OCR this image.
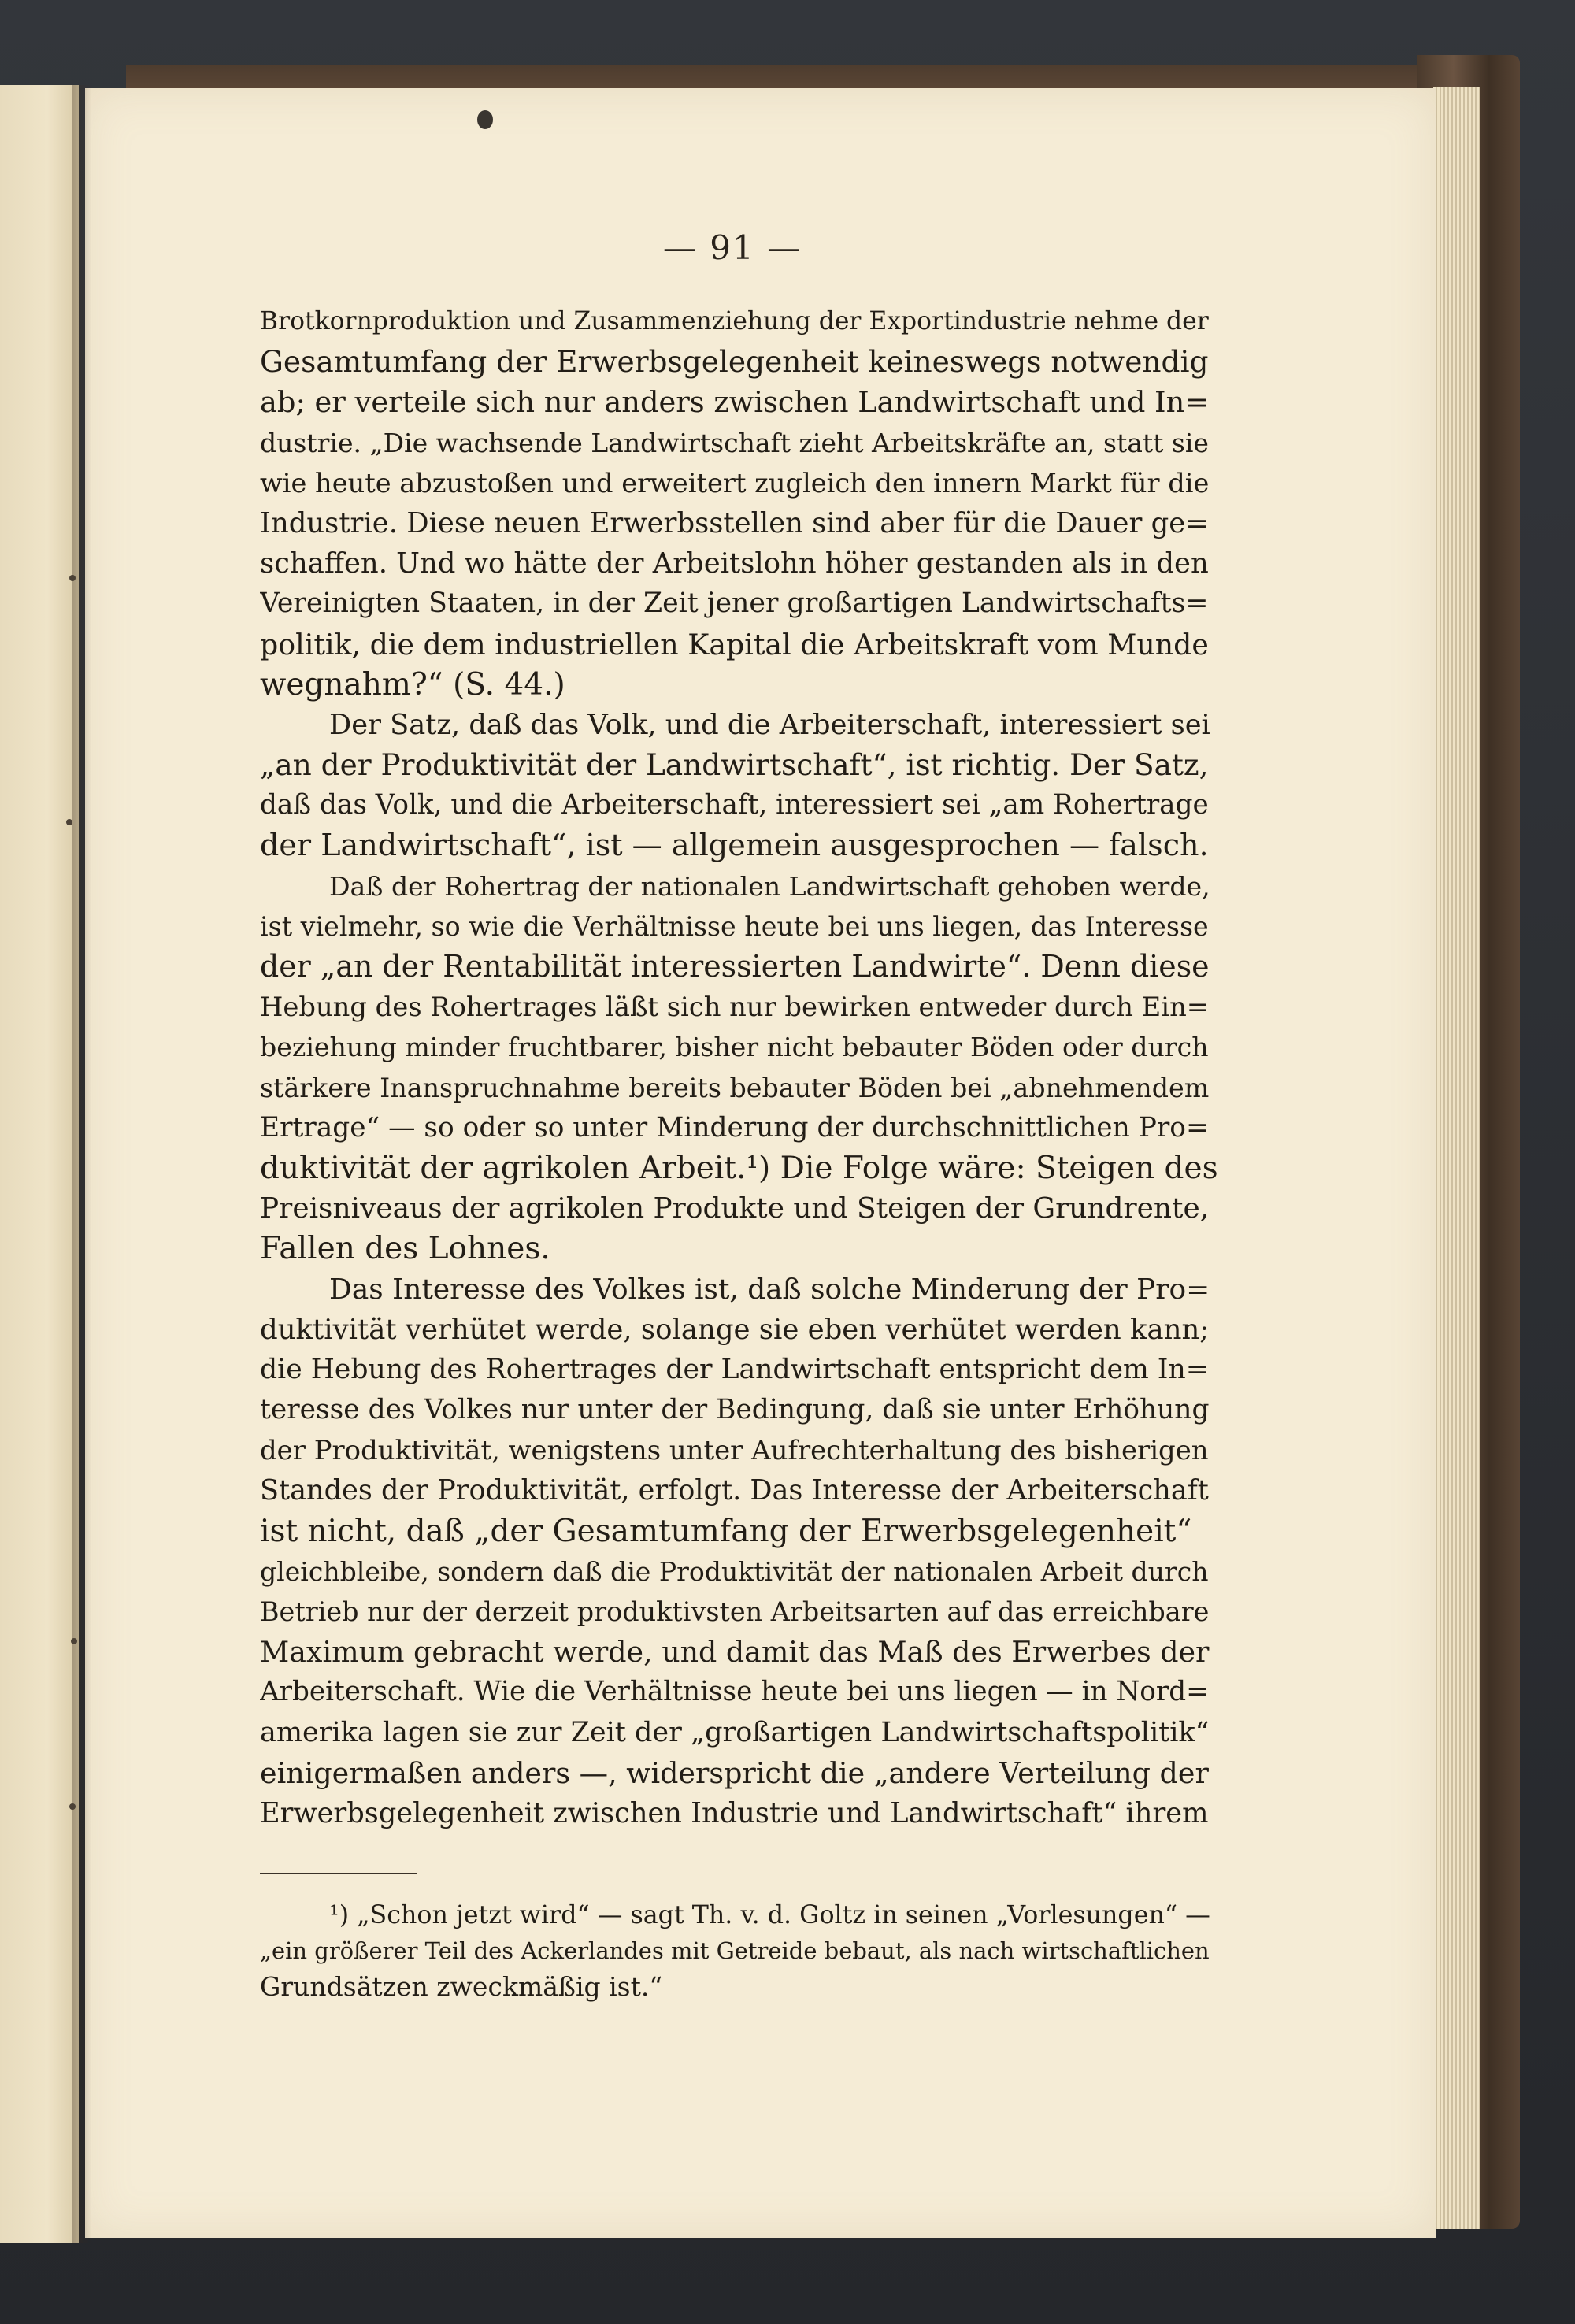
— 91 —
Brotkornproduktion und Zusammenziehung der Exportindustrie nehme der
Gesamtumfang der Erwerbsgelegenheit keineswegs notwendig
ab; er verteile sich nur anders zwischen Landwirtschaft und In=
dustrie. „Die wachsende Landwirtschaft zieht Arbeitskräfte an, statt sie
wie heute abzustoßen und erweitert zugleich den innern Markt für die
Industrie. Diese neuen Erwerbsstellen sind aber für die Dauer ge=
schaffen. Und wo hätte der Arbeitslohn höher gestanden als in den
Vereinigten Staaten, in der Zeit jener großartigen Landwirtschafts=
politik, die dem industriellen Kapital die Arbeitskraft vom Munde
wegnahm?“ (S. 44.)
Der Satz, daß das Volk, und die Arbeiterschaft, interessiert sei
„an der Produktivität der Landwirtschaft“, ist richtig. Der Satz,
daß das Volk, und die Arbeiterschaft, interessiert sei „am Rohertrage
der Landwirtschaft“, ist — allgemein ausgesprochen — falsch.
Daß der Rohertrag der nationalen Landwirtschaft gehoben werde,
ist vielmehr, so wie die Verhältnisse heute bei uns liegen, das Interesse
der „an der Rentabilität interessierten Landwirte“. Denn diese
Hebung des Rohertrages läßt sich nur bewirken entweder durch Ein=
beziehung minder fruchtbarer, bisher nicht bebauter Böden oder durch
stärkere Inanspruchnahme bereits bebauter Böden bei „abnehmendem
Ertrage“ — so oder so unter Minderung der durchschnittlichen Pro=
duktivität der agrikolen Arbeit.¹) Die Folge wäre: Steigen des
Preisniveaus der agrikolen Produkte und Steigen der Grundrente,
Fallen des Lohnes.
Das Interesse des Volkes ist, daß solche Minderung der Pro=
duktivität verhütet werde, solange sie eben verhütet werden kann;
die Hebung des Rohertrages der Landwirtschaft entspricht dem In=
teresse des Volkes nur unter der Bedingung, daß sie unter Erhöhung
der Produktivität, wenigstens unter Aufrechterhaltung des bisherigen
Standes der Produktivität, erfolgt. Das Interesse der Arbeiterschaft
ist nicht, daß „der Gesamtumfang der Erwerbsgelegenheit“
gleichbleibe, sondern daß die Produktivität der nationalen Arbeit durch
Betrieb nur der derzeit produktivsten Arbeitsarten auf das erreichbare
Maximum gebracht werde, und damit das Maß des Erwerbes der
Arbeiterschaft. Wie die Verhältnisse heute bei uns liegen — in Nord=
amerika lagen sie zur Zeit der „großartigen Landwirtschaftspolitik“
einigermaßen anders —, widerspricht die „andere Verteilung der
Erwerbsgelegenheit zwischen Industrie und Landwirtschaft“ ihrem
¹) „Schon jetzt wird“ — sagt Th. v. d. Goltz in seinen „Vorlesungen“ —
„ein größerer Teil des Ackerlandes mit Getreide bebaut, als nach wirtschaftlichen
Grundsätzen zweckmäßig ist.“
